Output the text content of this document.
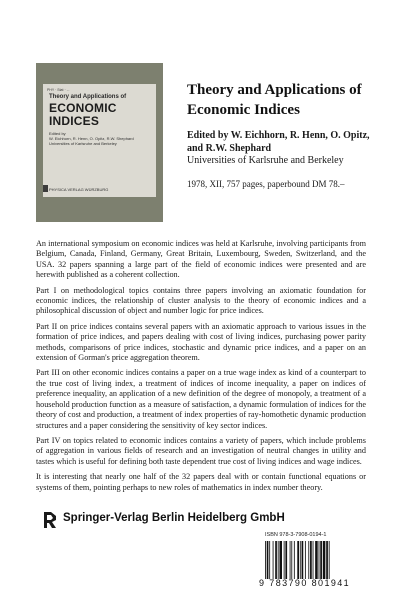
PHY · Stat · ...
Theory and Applications of
ECONOMIC
INDICES
Edited by
W. Eichhorn, R. Henn, O. Opitz, R.W. Shephard
Universities of Karlsruhe and Berkeley
PHYSICA VERLAG WÜRZBURG
Theory and Applications of Economic Indices

Edited by W. Eichhorn, R. Henn, O. Opitz, and R.W. Shephard

Universities of Karlsruhe and Berkeley

1978, XII, 757 pages, paperbound DM 78.–

An international symposium on economic indices was held at Karlsruhe, involving participants from Belgium, Canada, Finland, Germany, Great Britain, Luxembourg, Sweden, Switzerland, and the USA. 32 papers spanning a large part of the field of economic indices were presented and are herewith published as a coherent collection.

Part I on methodological topics contains three papers involving an axiomatic foundation for economic indices, the relationship of cluster analysis to the theory of economic indices and a philosophical discussion of object and number logic for price indices.

Part II on price indices contains several papers with an axiomatic approach to various issues in the formation of price indices, and papers dealing with cost of living indices, purchasing power parity methods, comparisons of price indices, stochastic and dynamic price indices, and a paper on an extension of Gorman's price aggregation theorem.

Part III on other economic indices contains a paper on a true wage index as kind of a counterpart to the true cost of living index, a treatment of indices of income inequality, a paper on indices of preference inequality, an application of a new definition of the degree of monopoly, a treatment of a household production function as a measure of satisfaction, a dynamic formulation of indices for the theory of cost and production, a treatment of index properties of ray-homothetic dynamic production structures and a paper considering the sensitivity of key sector indices.

Part IV on topics related to economic indices contains a variety of papers, which include problems of aggregation in various fields of research and an investigation of neutral changes in utility and tastes which is useful for defining both taste dependent true cost of living indices and wage indices.

It is interesting that nearly one half of the 32 papers deal with or contain functional equations or systems of them, pointing perhaps to new roles of mathematics in index number theory.

Springer-Verlag Berlin Heidelberg GmbH
ISBN 978-3-7908-0194-1
9 783790 801941
